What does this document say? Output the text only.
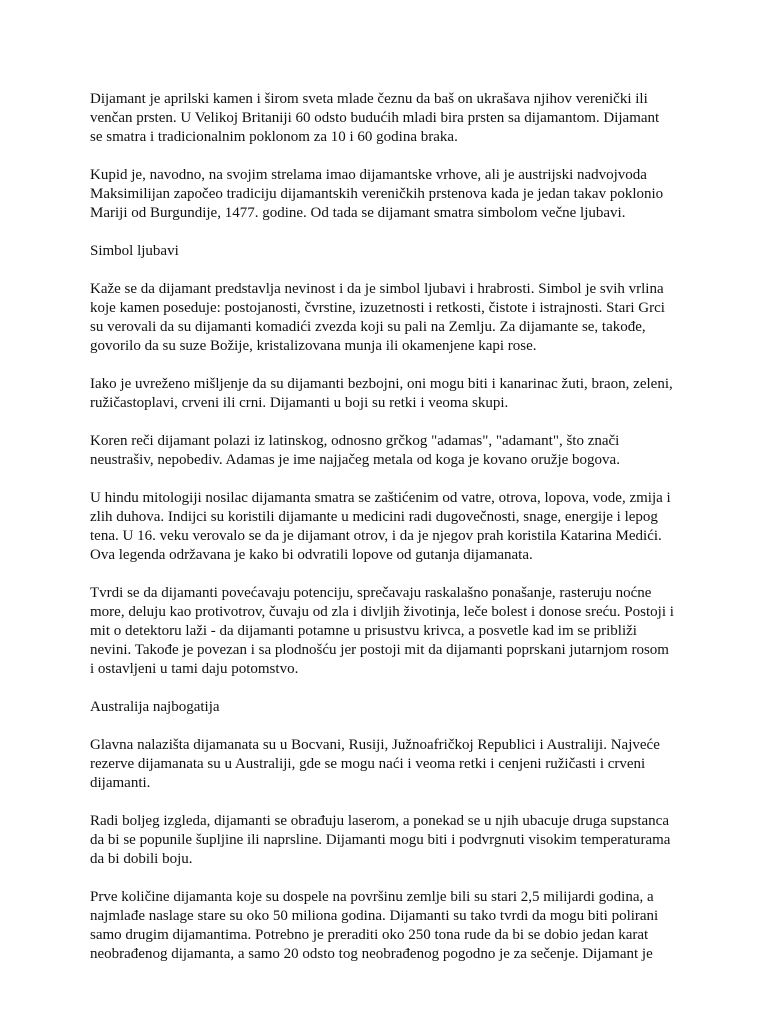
Dijamant je aprilski kamen i širom sveta mlade čeznu da baš on ukrašava njihov verenički ili
venčan prsten. U Velikoj Britaniji 60 odsto budućih mladi bira prsten sa dijamantom. Dijamant
se smatra i tradicionalnim poklonom za 10 i 60 godina braka.

Kupid je, navodno, na svojim strelama imao dijamantske vrhove, ali je austrijski nadvojvoda
Maksimilijan započeo tradiciju dijamantskih vereničkih prstenova kada je jedan takav poklonio
Mariji od Burgundije, 1477. godine. Od tada se dijamant smatra simbolom večne ljubavi.

Simbol ljubavi

Kaže se da dijamant predstavlja nevinost i da je simbol ljubavi i hrabrosti. Simbol je svih vrlina
koje kamen poseduje: postojanosti, čvrstine, izuzetnosti i retkosti, čistote i istrajnosti. Stari Grci
su verovali da su dijamanti komadići zvezda koji su pali na Zemlju. Za dijamante se, takođe,
govorilo da su suze Božije, kristalizovana munja ili okamenjene kapi rose.

Iako je uvreženo mišljenje da su dijamanti bezbojni, oni mogu biti i kanarinac žuti, braon, zeleni,
ružičastoplavi, crveni ili crni. Dijamanti u boji su retki i veoma skupi.

Koren reči dijamant polazi iz latinskog, odnosno grčkog "adamas", "adamant", što znači
neustrašiv, nepobediv. Adamas je ime najjačeg metala od koga je kovano oružje bogova.

U hindu mitologiji nosilac dijamanta smatra se zaštićenim od vatre, otrova, lopova, vode, zmija i
zlih duhova. Indijci su koristili dijamante u medicini radi dugovečnosti, snage, energije i lepog
tena. U 16. veku verovalo se da je dijamant otrov, i da je njegov prah koristila Katarina Medići.
Ova legenda održavana je kako bi odvratili lopove od gutanja dijamanata.

Tvrdi se da dijamanti povećavaju potenciju, sprečavaju raskalašno ponašanje, rasteruju noćne
more, deluju kao protivotrov, čuvaju od zla i divljih životinja, leče bolest i donose sreću. Postoji i
mit o detektoru laži - da dijamanti potamne u prisustvu krivca, a posvetle kad im se približi
nevini. Takođe je povezan i sa plodnošću jer postoji mit da dijamanti poprskani jutarnjom rosom
i ostavljeni u tami daju potomstvo.

Australija najbogatija

Glavna nalazišta dijamanata su u Bocvani, Rusiji, Južnoafričkoj Republici i Australiji. Najveće
rezerve dijamanata su u Australiji, gde se mogu naći i veoma retki i cenjeni ružičasti i crveni
dijamanti.

Radi boljeg izgleda, dijamanti se obrađuju laserom, a ponekad se u njih ubacuje druga supstanca
da bi se popunile šupljine ili naprsline. Dijamanti mogu biti i podvrgnuti visokim temperaturama
da bi dobili boju.

Prve količine dijamanta koje su dospele na površinu zemlje bili su stari 2,5 milijardi godina, a
najmlađe naslage stare su oko 50 miliona godina. Dijamanti su tako tvrdi da mogu biti polirani
samo drugim dijamantima. Potrebno je preraditi oko 250 tona rude da bi se dobio jedan karat
neobrađenog dijamanta, a samo 20 odsto tog neobrađenog pogodno je za sečenje. Dijamant je
